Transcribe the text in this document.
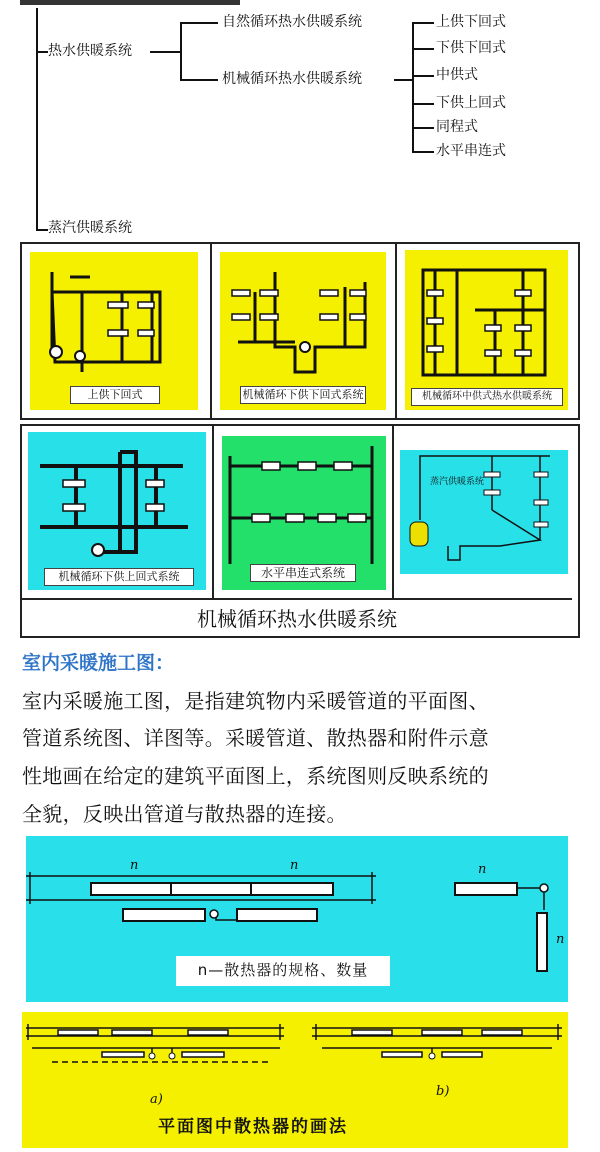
热水供暖系统
蒸汽供暖系统
自然循环热水供暖系统
机械循环热水供暖系统
上供下回式
下供下回式
中供式
下供上回式
同程式
水平串连式
上供下回式	机械循环下供下回式系统	机械循环中供式热水供暖系统
机械循环下供上回式系统	水平串连式系统
蒸汽供暖系统
机械循环热水供暖系统
室内采暖施工图：
室内采暖施工图，是指建筑物内采暖管道的平面图、
管道系统图、详图等。采暖管道、散热器和附件示意
性地画在给定的建筑平面图上，系统图则反映系统的
全貌，反映出管道与散热器的连接。
n	n	n
n
n—散热器的规格、数量
a)
b)
平面图中散热器的画法
